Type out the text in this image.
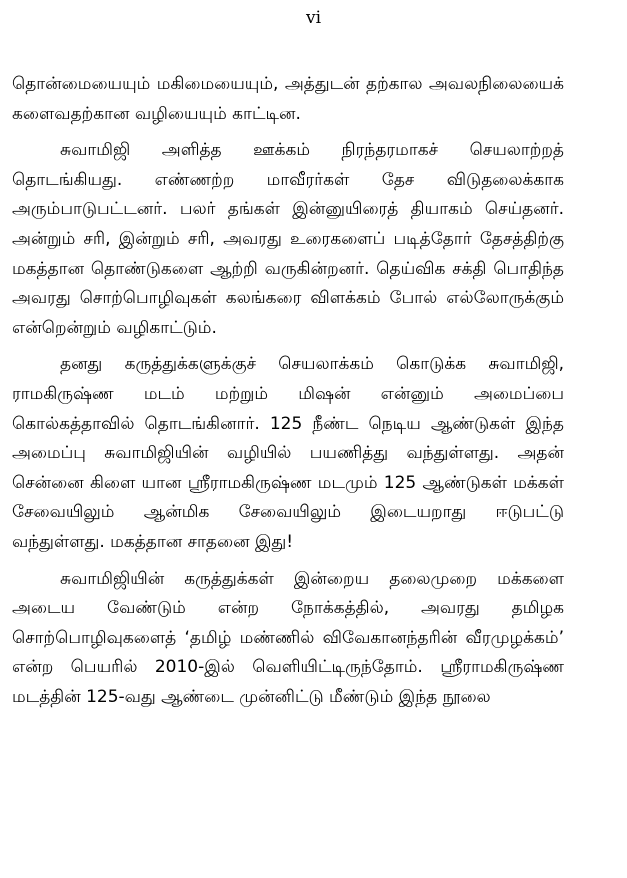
vi

தொன்மையையும் மகிமையையும், அத்துடன் தற்கால அவலநிலையைக் களைவதற்கான வழியையும் காட்டின.

சுவாமிஜி அளித்த ஊக்கம் நிரந்தரமாகச் செயலாற்றத் தொடங்கியது. எண்ணற்ற மாவீரர்கள் தேச விடுதலைக்காக அரும்பாடுபட்டனர். பலர் தங்கள் இன்னுயிரைத் தியாகம் செய்தனர். அன்றும் சரி, இன்றும் சரி, அவரது உரைகளைப் படித்தோர் தேசத்திற்கு மகத்தான தொண்டுகளை ஆற்றி வருகின்றனர். தெய்விக சக்தி பொதிந்த அவரது சொற்பொழிவுகள் கலங்கரை விளக்கம் போல் எல்லோருக்கும் என்றென்றும் வழிகாட்டும்.

தனது கருத்துக்களுக்குச் செயலாக்கம் கொடுக்க சுவாமிஜி, ராமகிருஷ்ண மடம் மற்றும் மிஷன் என்னும் அமைப்பை கொல்கத்தாவில் தொடங்கினார். 125 நீண்ட நெடிய ஆண்டுகள் இந்த அமைப்பு சுவாமிஜியின் வழியில் பயணித்து வந்துள்ளது. அதன் சென்னை கிளை யான ஸ்ரீராமகிருஷ்ண மடமும் 125 ஆண்டுகள் மக்கள் சேவையிலும் ஆன்மிக சேவையிலும் இடையறாது ஈடுபட்டு வந்துள்ளது. மகத்தான சாதனை இது!

சுவாமிஜியின் கருத்துக்கள் இன்றைய தலைமுறை மக்களை அடைய வேண்டும் என்ற நோக்கத்தில், அவரது தமிழக சொற்பொழிவுகளைத் ‘தமிழ் மண்ணில் விவேகானந்தரின் வீரமுழக்கம்’ என்ற பெயரில் 2010-இல் வெளியிட்டிருந்தோம். ஸ்ரீராமகிருஷ்ண மடத்தின் 125-வது ஆண்டை முன்னிட்டு மீண்டும் இந்த நூலை
